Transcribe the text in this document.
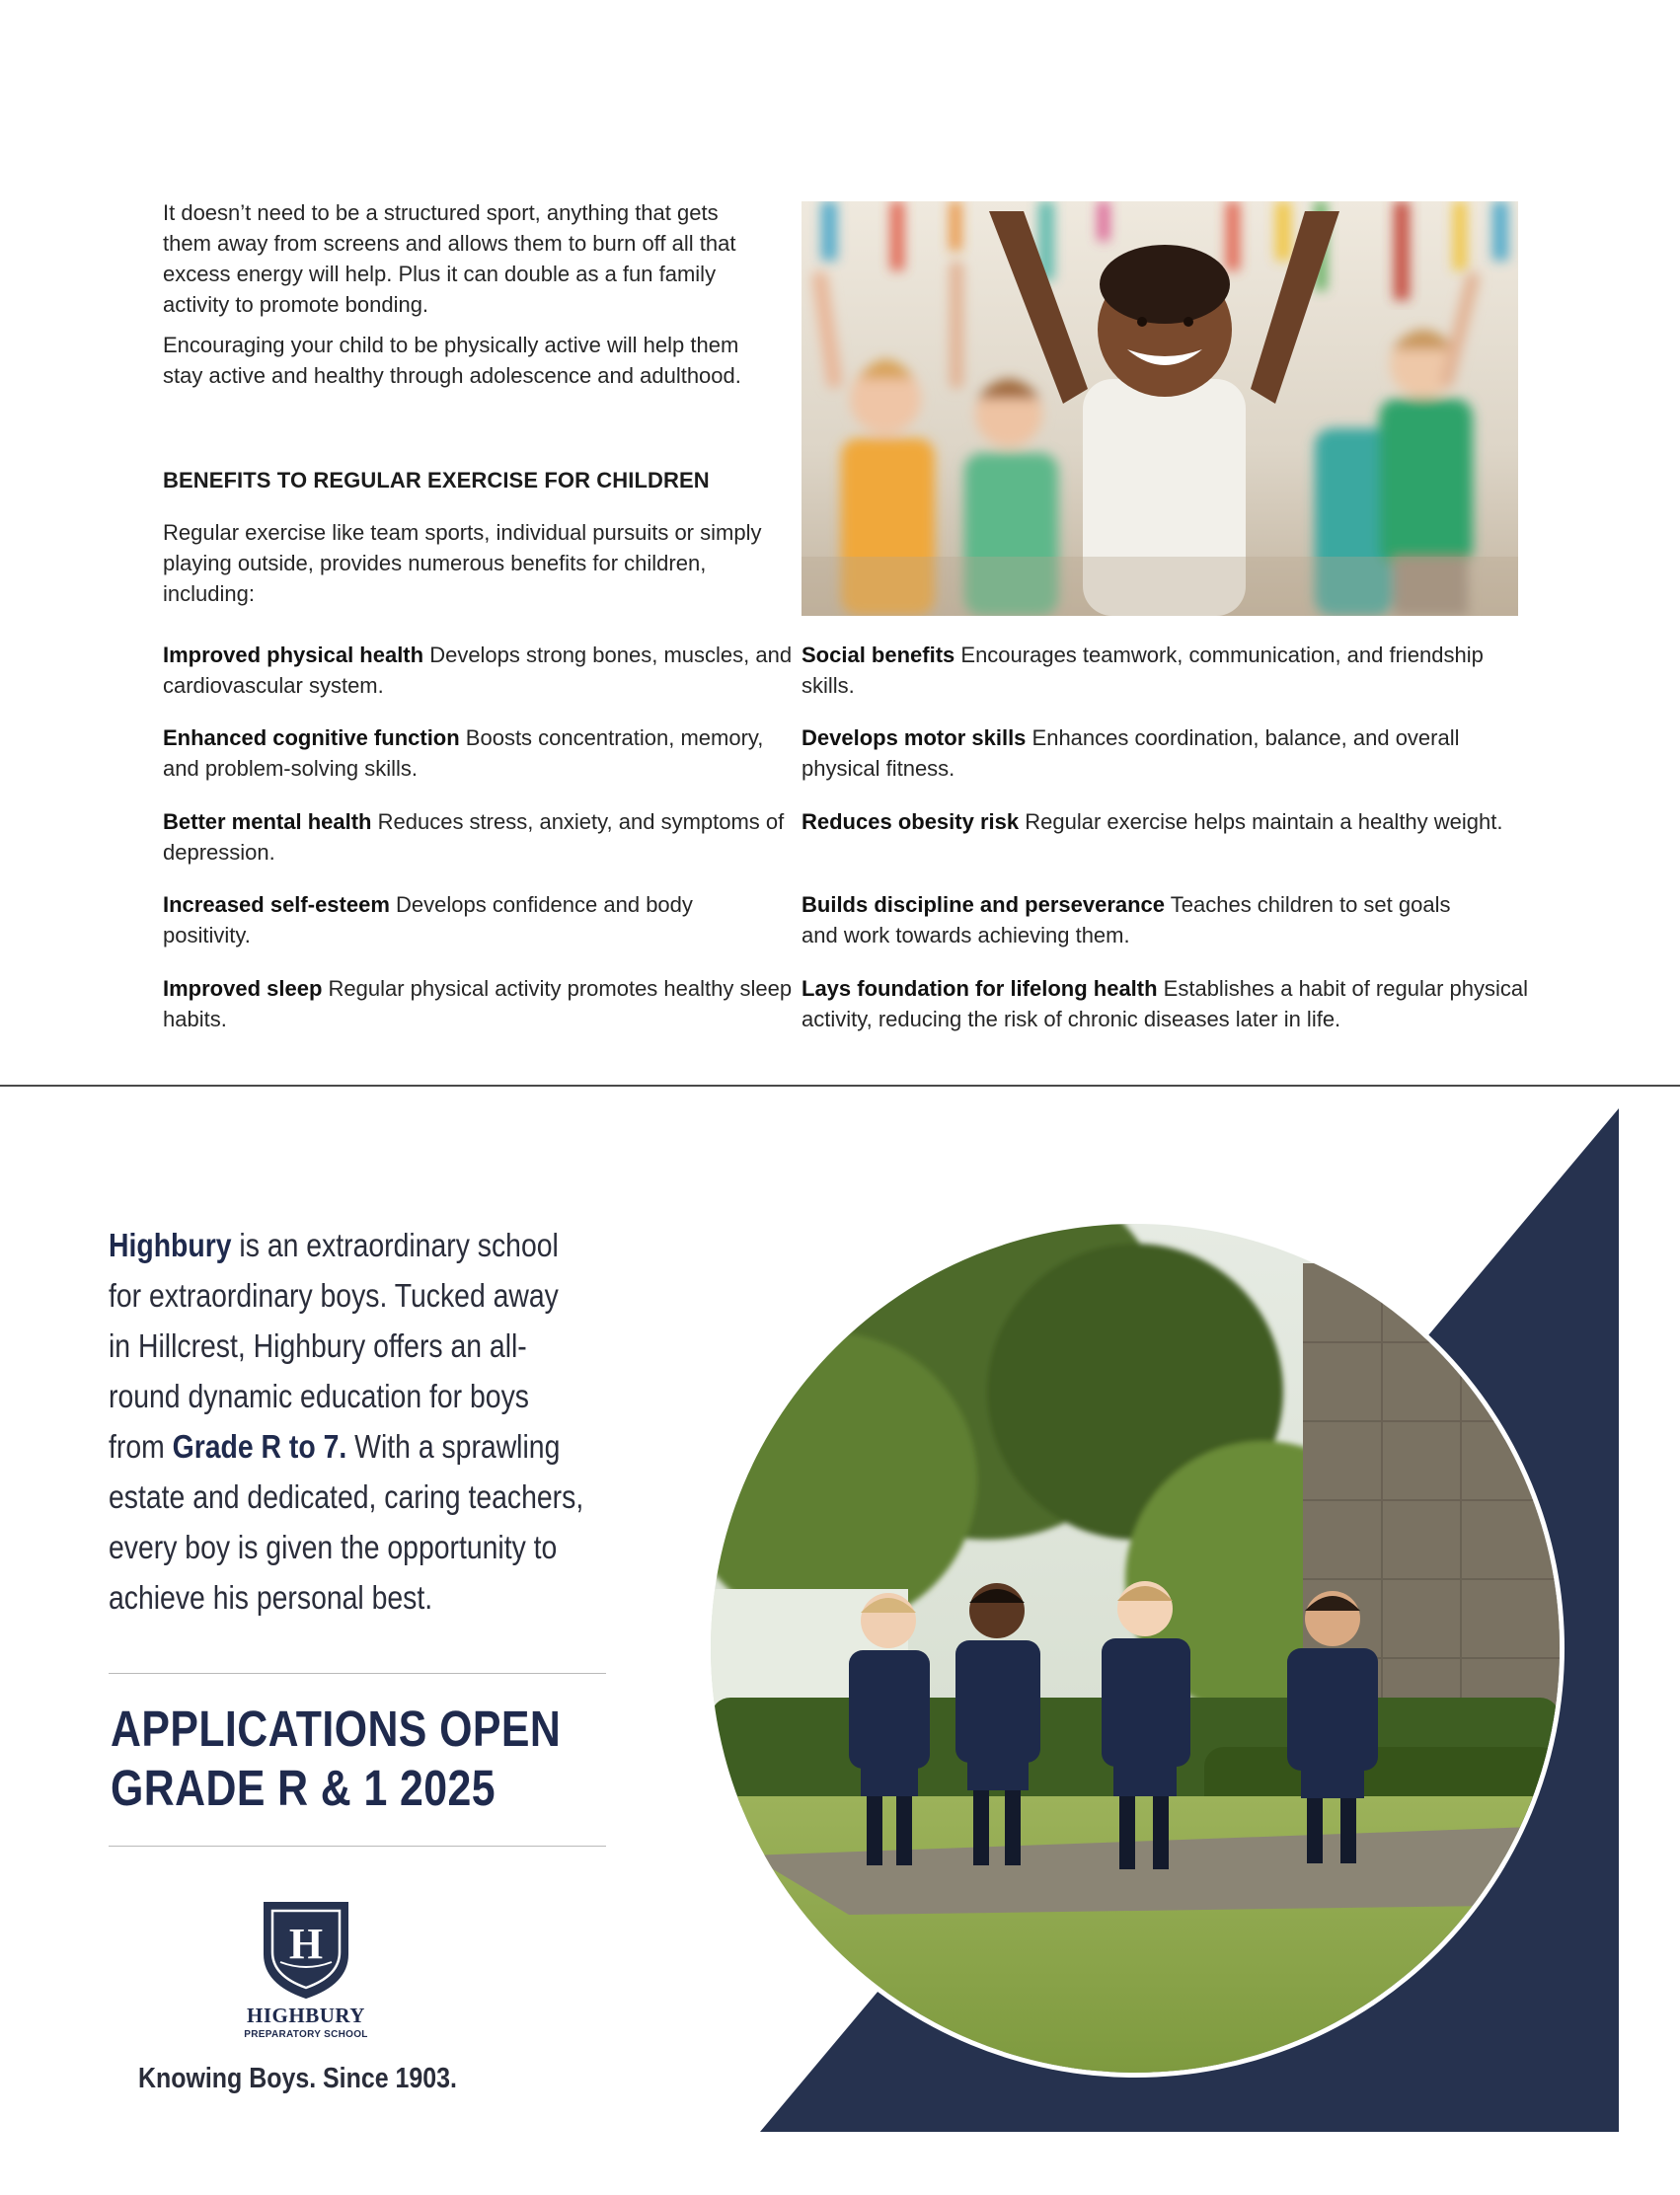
It doesn’t need to be a structured sport, anything that gets them away from screens and allows them to burn off all that excess energy will help. Plus it can double as a fun family activity to promote bonding.

Encouraging your child to be physically active will help them stay active and healthy through adolescence and adulthood.

BENEFITS TO REGULAR EXERCISE FOR CHILDREN

Regular exercise like team sports, individual pursuits or simply playing outside, provides numerous benefits for children, including:

Improved physical health Develops strong bones, muscles, and cardiovascular system.
Enhanced cognitive function Boosts concentration, memory, and problem-solving skills.
Better mental health Reduces stress, anxiety, and symptoms of depression.
Increased self-esteem Develops confidence and body positivity.
Improved sleep Regular physical activity promotes healthy sleep habits.
Social benefits Encourages teamwork, communication, and friendship skills.
Develops motor skills Enhances coordination, balance, and overall physical fitness.
Reduces obesity risk Regular exercise helps maintain a healthy weight.
Builds discipline and perseverance Teaches children to set goals and work towards achieving them.
Lays foundation for lifelong health Establishes a habit of regular physical activity, reducing the risk of chronic diseases later in life.
Highbury is an extraordinary school for extraordinary boys. Tucked away in Hillcrest, Highbury offers an all-round dynamic education for boys from Grade R to 7. With a sprawling estate and dedicated, caring teachers, every boy is given the opportunity to achieve his personal best.
APPLICATIONS OPEN
GRADE R & 1 2025
H
HIGHBURY
PREPARATORY SCHOOL
Knowing Boys. Since 1903.
